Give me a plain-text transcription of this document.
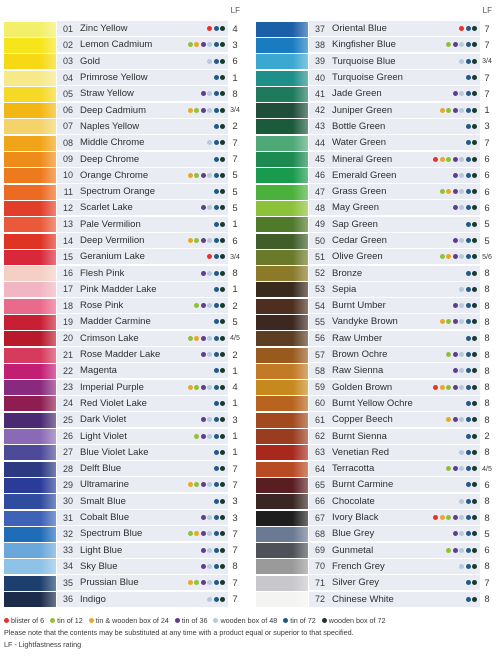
LF
01 Zinc Yellow	4
02 Lemon Cadmium	3
03 Gold	6
04 Primrose Yellow	1
05 Straw Yellow	8
06 Deep Cadmium	3/4
07 Naples Yellow	2
08 Middle Chrome	7
09 Deep Chrome	7
10 Orange Chrome	5
11 Spectrum Orange	5
12 Scarlet Lake	5
13 Pale Vermilion	1
14 Deep Vermilion	6
15 Geranium Lake	3/4
16 Flesh Pink	8
17 Pink Madder Lake	1
18 Rose Pink	2
19 Madder Carmine	5
20 Crimson Lake	4/5
21 Rose Madder Lake	2
22 Magenta	1
23 Imperial Purple	4
24 Red Violet Lake	1
25 Dark Violet	3
26 Light Violet	1
27 Blue Violet Lake	1
28 Delft Blue	7
29 Ultramarine	7
30 Smalt Blue	3
31 Cobalt Blue	3
32 Spectrum Blue	7
33 Light Blue	7
34 Sky Blue	8
35 Prussian Blue	7
36 Indigo	7
LF
37 Oriental Blue	7
38 Kingfisher Blue	7
39 Turquoise Blue	3/4
40 Turquoise Green	7
41 Jade Green	7
42 Juniper Green	1
43 Bottle Green	3
44 Water Green	7
45 Mineral Green	6
46 Emerald Green	6
47 Grass Green	6
48 May Green	6
49 Sap Green	5
50 Cedar Green	5
51 Olive Green	5/6
52 Bronze	8
53 Sepia	8
54 Burnt Umber	8
55 Vandyke Brown	8
56 Raw Umber	8
57 Brown Ochre	8
58 Raw Sienna	8
59 Golden Brown	8
60 Burnt Yellow Ochre	8
61 Copper Beech	8
62 Burnt Sienna	2
63 Venetian Red	8
64 Terracotta	4/5
65 Burnt Carmine	6
66 Chocolate	8
67 Ivory Black	8
68 Blue Grey	5
69 Gunmetal	6
70 French Grey	8
71 Silver Grey	7
72 Chinese White	8
blister of 6 tin of 12 tin & wooden box of 24 tin of 36 wooden box of 48 tin of 72 wooden box of 72
Please note that the contents may be substituted at any time with a product equal or superior to that specified.
LF - Lightfastness rating
